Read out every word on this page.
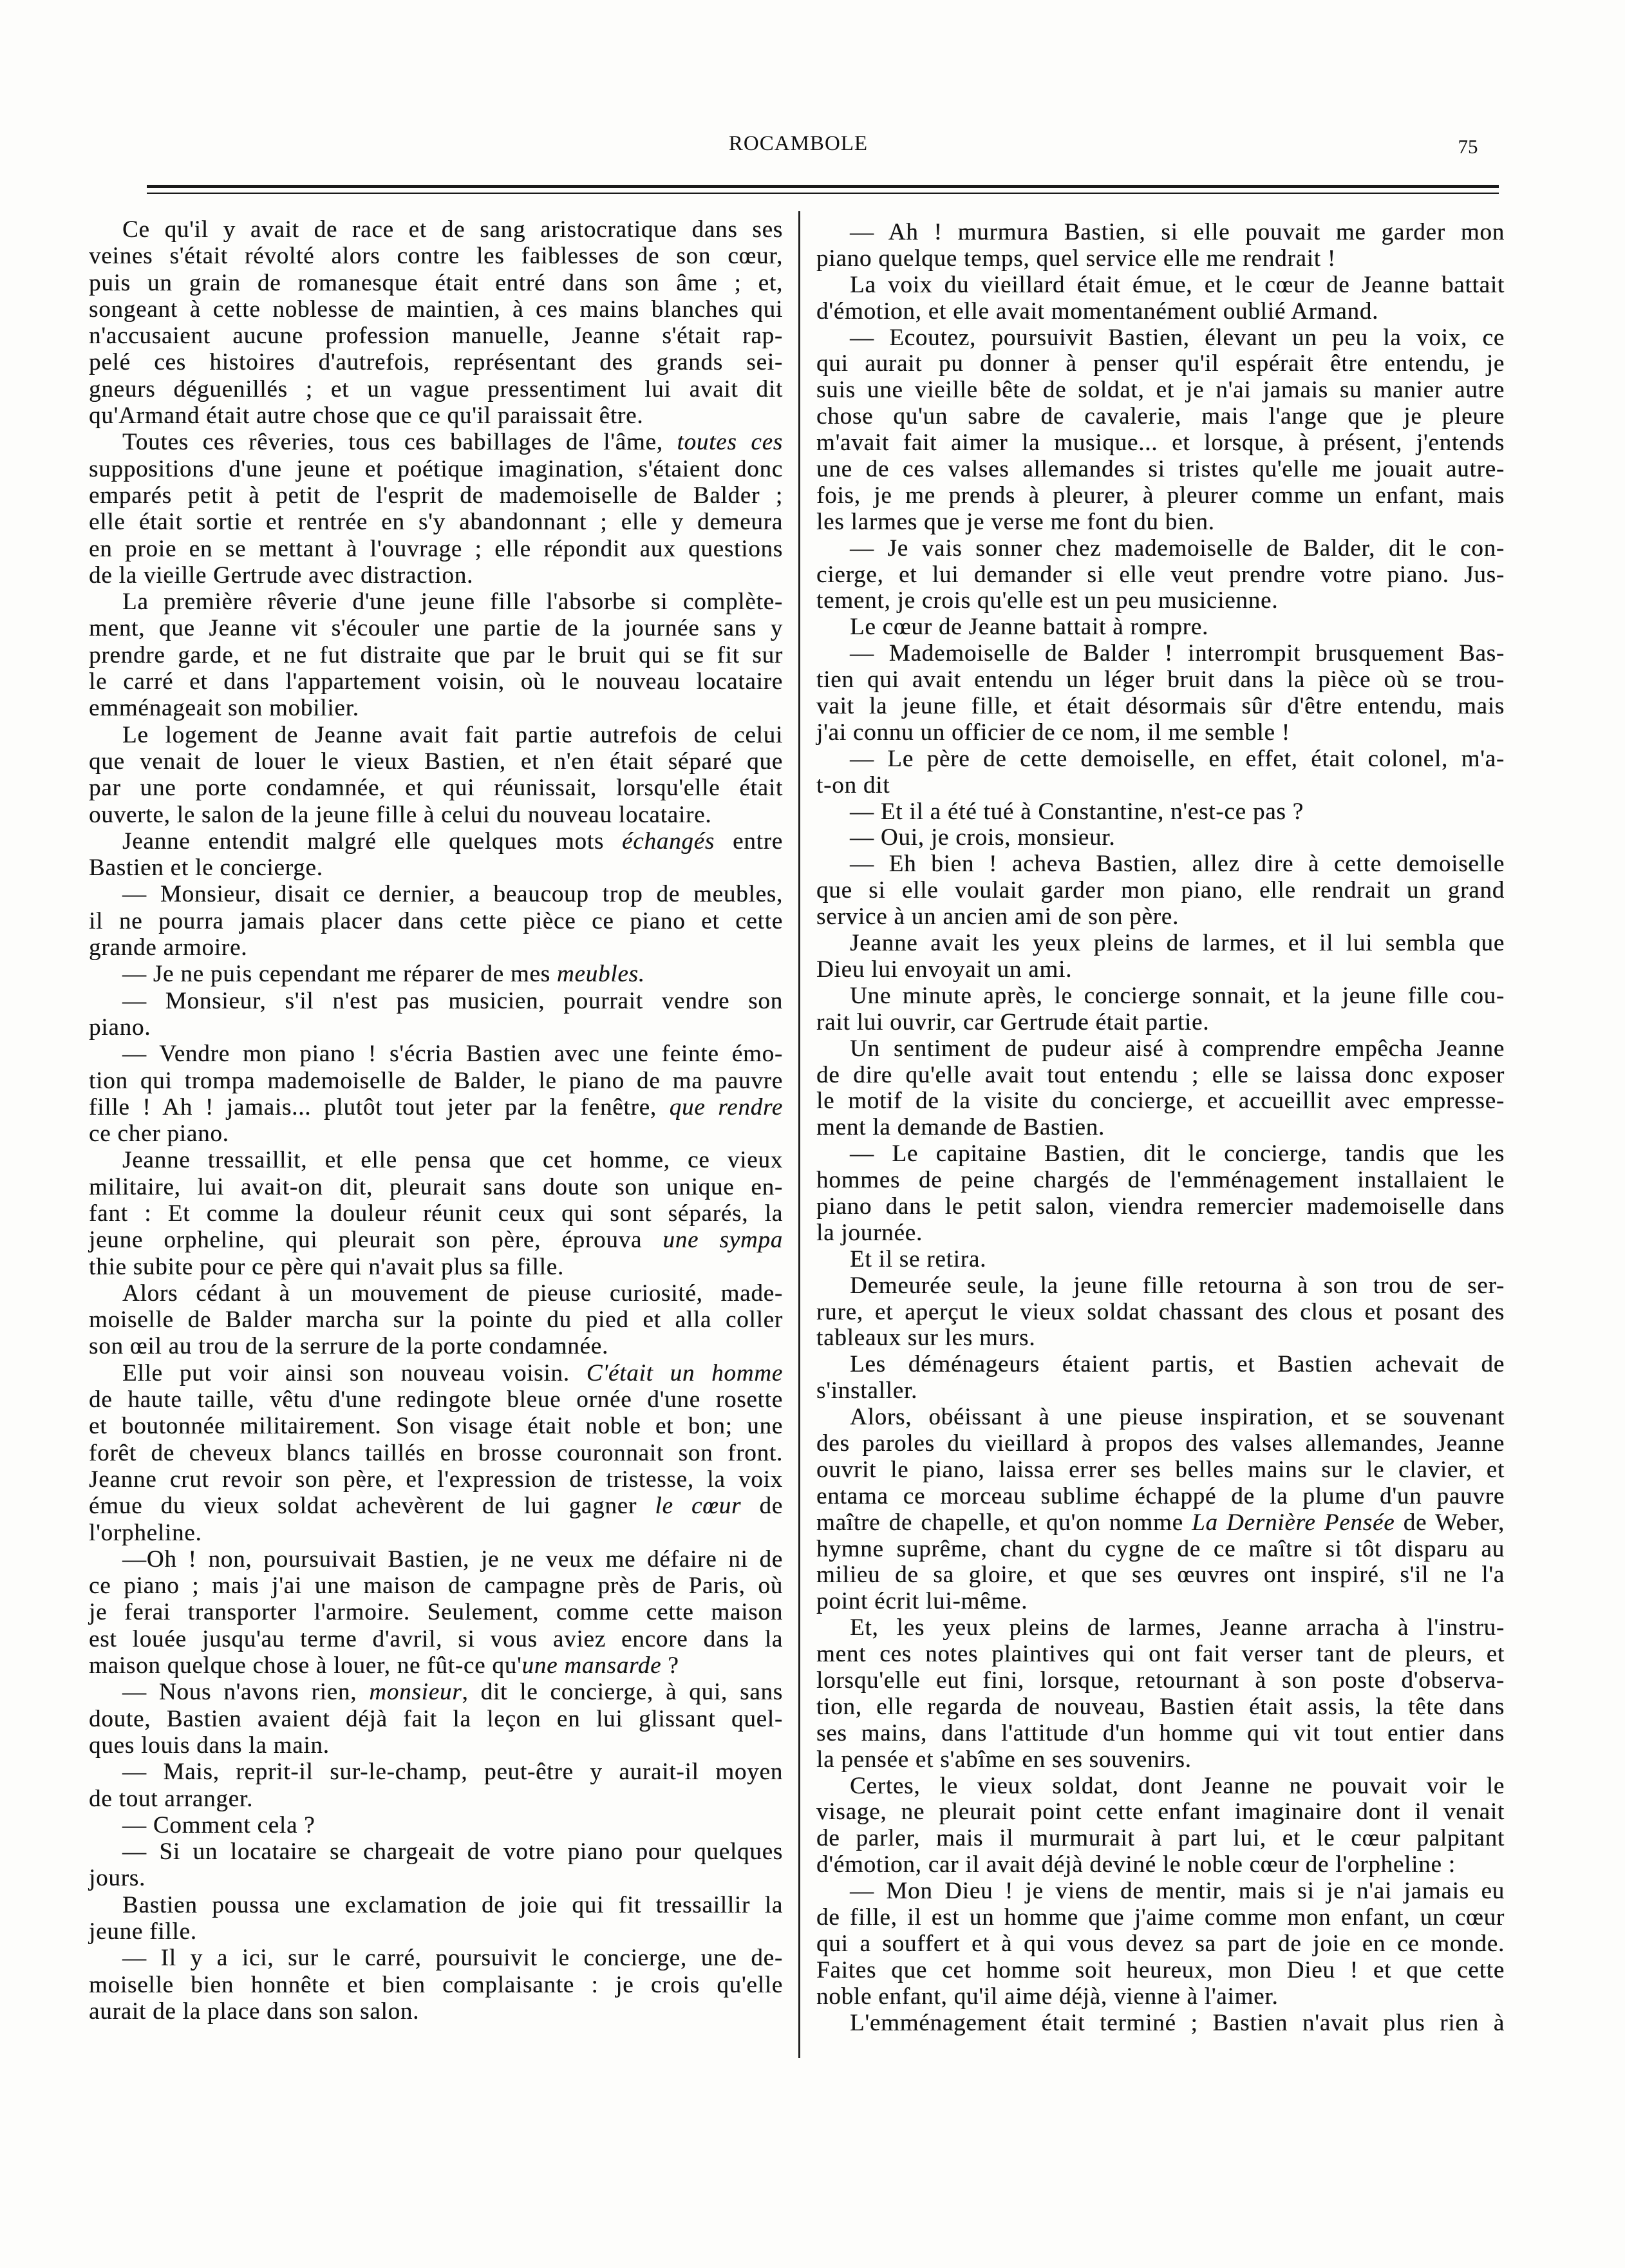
ROCAMBOLE	75
Ce qu'il y avait de race et de sang aristocratique dans ses
veines s'était révolté alors contre les faiblesses de son cœur,
puis un grain de romanesque était entré dans son âme ; et,
songeant à cette noblesse de maintien, à ces mains blanches qui
n'accusaient aucune profession manuelle, Jeanne s'était rap-
pelé ces histoires d'autrefois, représentant des grands sei-
gneurs déguenillés ; et un vague pressentiment lui avait dit
qu'Armand était autre chose que ce qu'il paraissait être.
Toutes ces rêveries, tous ces babillages de l'âme, toutes ces
suppositions d'une jeune et poétique imagination, s'étaient donc
emparés petit à petit de l'esprit de mademoiselle de Balder ;
elle était sortie et rentrée en s'y abandonnant ; elle y demeura
en proie en se mettant à l'ouvrage ; elle répondit aux questions
de la vieille Gertrude avec distraction.
La première rêverie d'une jeune fille l'absorbe si complète-
ment, que Jeanne vit s'écouler une partie de la journée sans y
prendre garde, et ne fut distraite que par le bruit qui se fit sur
le carré et dans l'appartement voisin, où le nouveau locataire
emménageait son mobilier.
Le logement de Jeanne avait fait partie autrefois de celui
que venait de louer le vieux Bastien, et n'en était séparé que
par une porte condamnée, et qui réunissait, lorsqu'elle était
ouverte, le salon de la jeune fille à celui du nouveau locataire.
Jeanne entendit malgré elle quelques mots échangés entre
Bastien et le concierge.
— Monsieur, disait ce dernier, a beaucoup trop de meubles,
il ne pourra jamais placer dans cette pièce ce piano et cette
grande armoire.
— Je ne puis cependant me réparer de mes meubles.
— Monsieur, s'il n'est pas musicien, pourrait vendre son
piano.
— Vendre mon piano ! s'écria Bastien avec une feinte émo-
tion qui trompa mademoiselle de Balder, le piano de ma pauvre
fille ! Ah ! jamais... plutôt tout jeter par la fenêtre, que rendre
ce cher piano.
Jeanne tressaillit, et elle pensa que cet homme, ce vieux
militaire, lui avait-on dit, pleurait sans doute son unique en-
fant : Et comme la douleur réunit ceux qui sont séparés, la
jeune orpheline, qui pleurait son père, éprouva une sympa
thie subite pour ce père qui n'avait plus sa fille.
Alors cédant à un mouvement de pieuse curiosité, made-
moiselle de Balder marcha sur la pointe du pied et alla coller
son œil au trou de la serrure de la porte condamnée.
Elle put voir ainsi son nouveau voisin. C'était un homme
de haute taille, vêtu d'une redingote bleue ornée d'une rosette
et boutonnée militairement. Son visage était noble et bon; une
forêt de cheveux blancs taillés en brosse couronnait son front.
Jeanne crut revoir son père, et l'expression de tristesse, la voix
émue du vieux soldat achevèrent de lui gagner le cœur de
l'orpheline.
—Oh ! non, poursuivait Bastien, je ne veux me défaire ni de
ce piano ; mais j'ai une maison de campagne près de Paris, où
je ferai transporter l'armoire. Seulement, comme cette maison
est louée jusqu'au terme d'avril, si vous aviez encore dans la
maison quelque chose à louer, ne fût-ce qu'une mansarde ?
— Nous n'avons rien, monsieur, dit le concierge, à qui, sans
doute, Bastien avaient déjà fait la leçon en lui glissant quel-
ques louis dans la main.
— Mais, reprit-il sur-le-champ, peut-être y aurait-il moyen
de tout arranger.
— Comment cela ?
— Si un locataire se chargeait de votre piano pour quelques
jours.
Bastien poussa une exclamation de joie qui fit tressaillir la
jeune fille.
— Il y a ici, sur le carré, poursuivit le concierge, une de-
moiselle bien honnête et bien complaisante : je crois qu'elle
aurait de la place dans son salon.
— Ah ! murmura Bastien, si elle pouvait me garder mon
piano quelque temps, quel service elle me rendrait !
La voix du vieillard était émue, et le cœur de Jeanne battait
d'émotion, et elle avait momentanément oublié Armand.
— Ecoutez, poursuivit Bastien, élevant un peu la voix, ce
qui aurait pu donner à penser qu'il espérait être entendu, je
suis une vieille bête de soldat, et je n'ai jamais su manier autre
chose qu'un sabre de cavalerie, mais l'ange que je pleure
m'avait fait aimer la musique... et lorsque, à présent, j'entends
une de ces valses allemandes si tristes qu'elle me jouait autre-
fois, je me prends à pleurer, à pleurer comme un enfant, mais
les larmes que je verse me font du bien.
— Je vais sonner chez mademoiselle de Balder, dit le con-
cierge, et lui demander si elle veut prendre votre piano. Jus-
tement, je crois qu'elle est un peu musicienne.
Le cœur de Jeanne battait à rompre.
— Mademoiselle de Balder ! interrompit brusquement Bas-
tien qui avait entendu un léger bruit dans la pièce où se trou-
vait la jeune fille, et était désormais sûr d'être entendu, mais
j'ai connu un officier de ce nom, il me semble !
— Le père de cette demoiselle, en effet, était colonel, m'a-
t-on dit
— Et il a été tué à Constantine, n'est-ce pas ?
— Oui, je crois, monsieur.
— Eh bien ! acheva Bastien, allez dire à cette demoiselle
que si elle voulait garder mon piano, elle rendrait un grand
service à un ancien ami de son père.
Jeanne avait les yeux pleins de larmes, et il lui sembla que
Dieu lui envoyait un ami.
Une minute après, le concierge sonnait, et la jeune fille cou-
rait lui ouvrir, car Gertrude était partie.
Un sentiment de pudeur aisé à comprendre empêcha Jeanne
de dire qu'elle avait tout entendu ; elle se laissa donc exposer
le motif de la visite du concierge, et accueillit avec empresse-
ment la demande de Bastien.
— Le capitaine Bastien, dit le concierge, tandis que les
hommes de peine chargés de l'emménagement installaient le
piano dans le petit salon, viendra remercier mademoiselle dans
la journée.
Et il se retira.
Demeurée seule, la jeune fille retourna à son trou de ser-
rure, et aperçut le vieux soldat chassant des clous et posant des
tableaux sur les murs.
Les déménageurs étaient partis, et Bastien achevait de
s'installer.
Alors, obéissant à une pieuse inspiration, et se souvenant
des paroles du vieillard à propos des valses allemandes, Jeanne
ouvrit le piano, laissa errer ses belles mains sur le clavier, et
entama ce morceau sublime échappé de la plume d'un pauvre
maître de chapelle, et qu'on nomme La Dernière Pensée de Weber,
hymne suprême, chant du cygne de ce maître si tôt disparu au
milieu de sa gloire, et que ses œuvres ont inspiré, s'il ne l'a
point écrit lui-même.
Et, les yeux pleins de larmes, Jeanne arracha à l'instru-
ment ces notes plaintives qui ont fait verser tant de pleurs, et
lorsqu'elle eut fini, lorsque, retournant à son poste d'observa-
tion, elle regarda de nouveau, Bastien était assis, la tête dans
ses mains, dans l'attitude d'un homme qui vit tout entier dans
la pensée et s'abîme en ses souvenirs.
Certes, le vieux soldat, dont Jeanne ne pouvait voir le
visage, ne pleurait point cette enfant imaginaire dont il venait
de parler, mais il murmurait à part lui, et le cœur palpitant
d'émotion, car il avait déjà deviné le noble cœur de l'orpheline :
— Mon Dieu ! je viens de mentir, mais si je n'ai jamais eu
de fille, il est un homme que j'aime comme mon enfant, un cœur
qui a souffert et à qui vous devez sa part de joie en ce monde.
Faites que cet homme soit heureux, mon Dieu ! et que cette
noble enfant, qu'il aime déjà, vienne à l'aimer.
L'emménagement était terminé ; Bastien n'avait plus rien à
